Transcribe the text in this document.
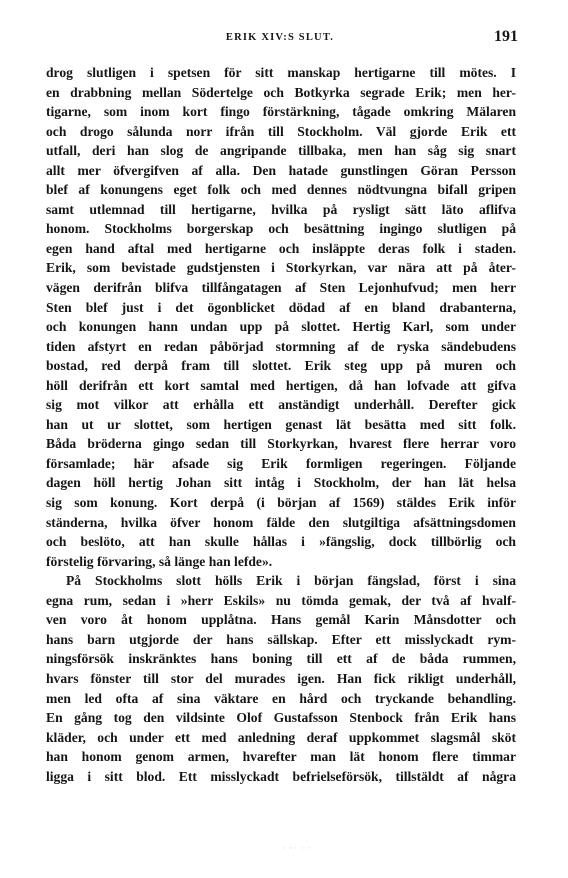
ERIK XIV:S SLUT.	191
drog slutligen i spetsen för sitt manskap hertigarne till mötes. I
en drabbning mellan Södertelge och Botkyrka segrade Erik; men her-
tigarne, som inom kort fingo förstärkning, tågade omkring Mälaren
och drogo sålunda norr ifrån till Stockholm. Väl gjorde Erik ett
utfall, deri han slog de angripande tillbaka, men han såg sig snart
allt mer öfvergifven af alla. Den hatade gunstlingen Göran Persson
blef af konungens eget folk och med dennes nödtvungna bifall gripen
samt utlemnad till hertigarne, hvilka på rysligt sätt läto aflifva
honom. Stockholms borgerskap och besättning ingingo slutligen på
egen hand aftal med hertigarne och insläppte deras folk i staden.
Erik, som bevistade gudstjensten i Storkyrkan, var nära att på åter-
vägen derifrån blifva tillfångatagen af Sten Lejonhufvud; men herr
Sten blef just i det ögonblicket dödad af en bland drabanterna,
och konungen hann undan upp på slottet. Hertig Karl, som under
tiden afstyrt en redan påbörjad stormning af de ryska sändebudens
bostad, red derpå fram till slottet. Erik steg upp på muren och
höll derifrån ett kort samtal med hertigen, då han lofvade att gifva
sig mot vilkor att erhålla ett anständigt underhåll. Derefter gick
han ut ur slottet, som hertigen genast lät besätta med sitt folk.
Båda bröderna gingo sedan till Storkyrkan, hvarest flere herrar voro
församlade; här afsade sig Erik formligen regeringen. Följande
dagen höll hertig Johan sitt intåg i Stockholm, der han lät helsa
sig som konung. Kort derpå (i början af 1569) stäldes Erik inför
ständerna, hvilka öfver honom fälde den slutgiltiga afsättningsdomen
och beslöto, att han skulle hållas i »fängslig, dock tillbörlig och
förstelig förvaring, så länge han lefde».
På Stockholms slott hölls Erik i början fängslad, först i sina
egna rum, sedan i »herr Eskils» nu tömda gemak, der två af hvalf-
ven voro åt honom upplåtna. Hans gemål Karin Månsdotter och
hans barn utgjorde der hans sällskap. Efter ett misslyckadt rym-
ningsförsök inskränktes hans boning till ett af de båda rummen,
hvars fönster till stor del murades igen. Han fick rikligt underhåll,
men led ofta af sina väktare en hård och tryckande behandling.
En gång tog den vildsinte Olof Gustafsson Stenbock från Erik hans
kläder, och under ett med anledning deraf uppkommet slagsmål sköt
han honom genom armen, hvarefter man lät honom flere timmar
ligga i sitt blod. Ett misslyckadt befrielseförsök, tillstäldt af några
· ·· · ·
